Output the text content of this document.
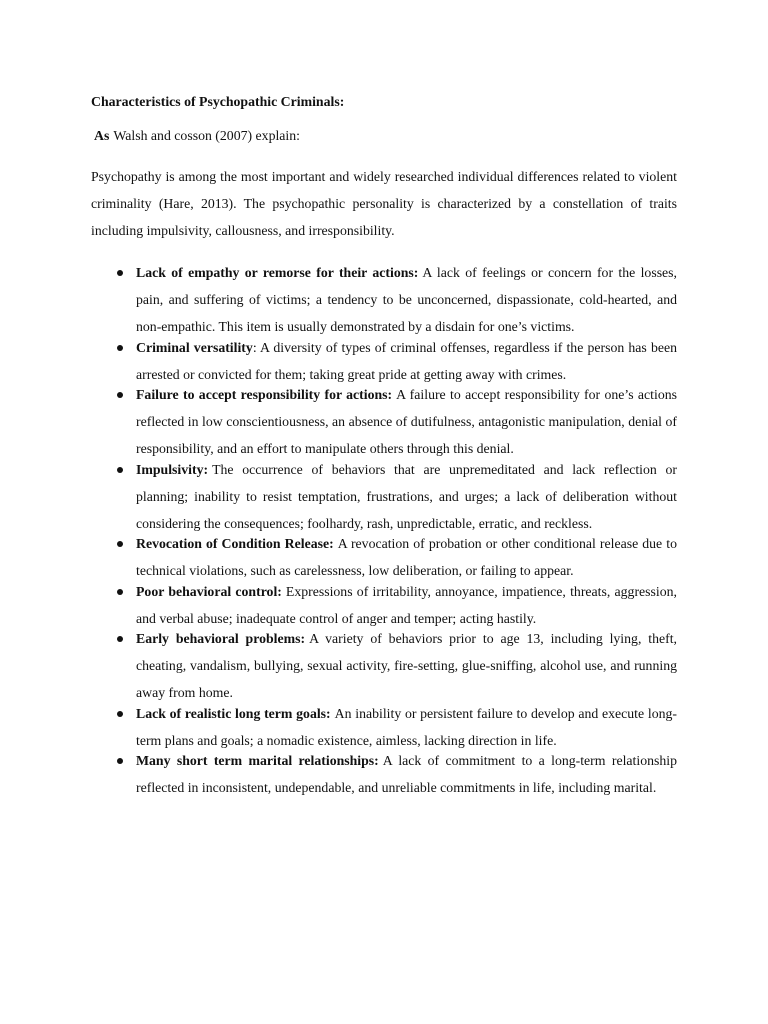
Characteristics of Psychopathic Criminals:

As Walsh and cosson (2007) explain:

Psychopathy is among the most important and widely researched individual differences related to violent criminality (Hare, 2013). The psychopathic personality is characterized by a constellation of traits including impulsivity, callousness, and irresponsibility.

Lack of empathy or remorse for their actions: A lack of feelings or concern for the losses, pain, and suffering of victims; a tendency to be unconcerned, dispassionate, cold-hearted, and non-empathic. This item is usually demonstrated by a disdain for one’s victims.
Criminal versatility: A diversity of types of criminal offenses, regardless if the person has been arrested or convicted for them; taking great pride at getting away with crimes.
Failure to accept responsibility for actions: A failure to accept responsibility for one’s actions reflected in low conscientiousness, an absence of dutifulness, antagonistic manipulation, denial of responsibility, and an effort to manipulate others through this denial.
Impulsivity: The occurrence of behaviors that are unpremeditated and lack reflection or planning; inability to resist temptation, frustrations, and urges; a lack of deliberation without considering the consequences; foolhardy, rash, unpredictable, erratic, and reckless.
Revocation of Condition Release: A revocation of probation or other conditional release due to technical violations, such as carelessness, low deliberation, or failing to appear.
Poor behavioral control: Expressions of irritability, annoyance, impatience, threats, aggression, and verbal abuse; inadequate control of anger and temper; acting hastily.
Early behavioral problems: A variety of behaviors prior to age 13, including lying, theft, cheating, vandalism, bullying, sexual activity, fire-setting, glue-sniffing, alcohol use, and running away from home.
Lack of realistic long term goals: An inability or persistent failure to develop and execute long-term plans and goals; a nomadic existence, aimless, lacking direction in life.
Many short term marital relationships: A lack of commitment to a long-term relationship reflected in inconsistent, undependable, and unreliable commitments in life, including marital.
